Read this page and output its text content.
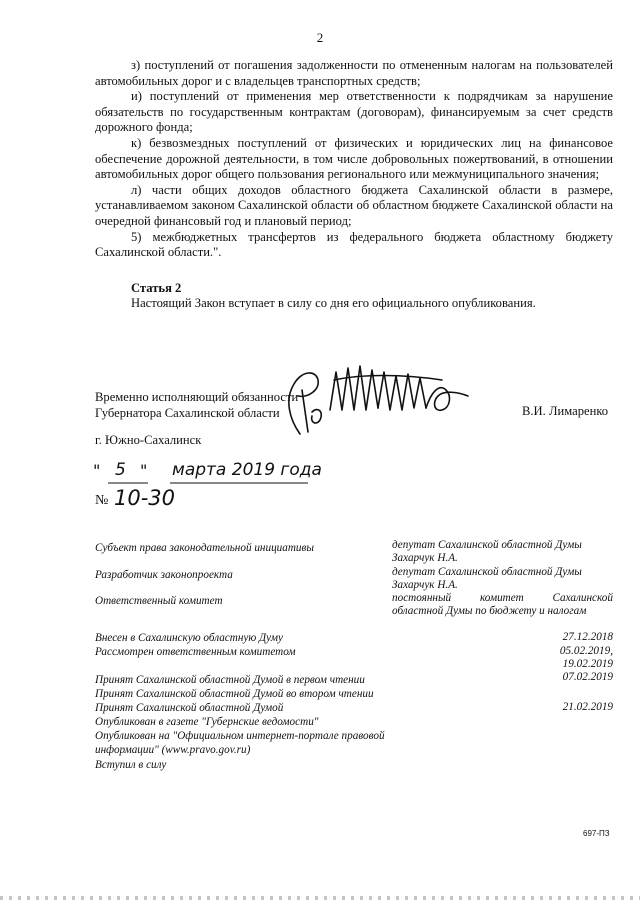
2

з) поступлений от погашения задолженности по отмененным налогам на пользователей автомобильных дорог и с владельцев транспортных средств;

и) поступлений от применения мер ответственности к подрядчикам за нарушение обязательств по государственным контрактам (договорам), финансируемым за счет средств дорожного фонда;

к) безвозмездных поступлений от физических и юридических лиц на финансовое обеспечение дорожной деятельности, в том числе добровольных пожертвований, в отношении автомобильных дорог общего пользования регионального или межмуниципального значения;

л) части общих доходов областного бюджета Сахалинской области в размере, устанавливаемом законом Сахалинской области об областном бюджете Сахалинской области на очередной финансовый год и плановый период;

5) межбюджетных трансфертов из федерального бюджета областному бюджету Сахалинской области.".

Статья 2
Настоящий Закон вступает в силу со дня его официального опубликования.
Временно исполняющий обязанности
Губернатора Сахалинской области	В.И. Лимаренко
г. Южно-Сахалинск
" 5 " марта 2019 года
№ 10-30
Субъект права законодательной инициативы	депутат Сахалинской областной Думы Захарчук Н.А.
Разработчик законопроекта	депутат Сахалинской областной Думы Захарчук Н.А.
Ответственный комитет	постоянный комитет Сахалинской областной Думы по бюджету и налогам
Внесен в Сахалинскую областную Думу	27.12.2018
Рассмотрен ответственным комитетом	05.02.2019,
19.02.2019
Принят Сахалинской областной Думой в первом чтении	07.02.2019
Принят Сахалинской областной Думой во втором чтении
Принят Сахалинской областной Думой	21.02.2019
Опубликован в газете "Губернские ведомости"
Опубликован на "Официальном интернет-портале правовой информации" (www.pravo.gov.ru)
Вступил в силу
697-ПЗ
